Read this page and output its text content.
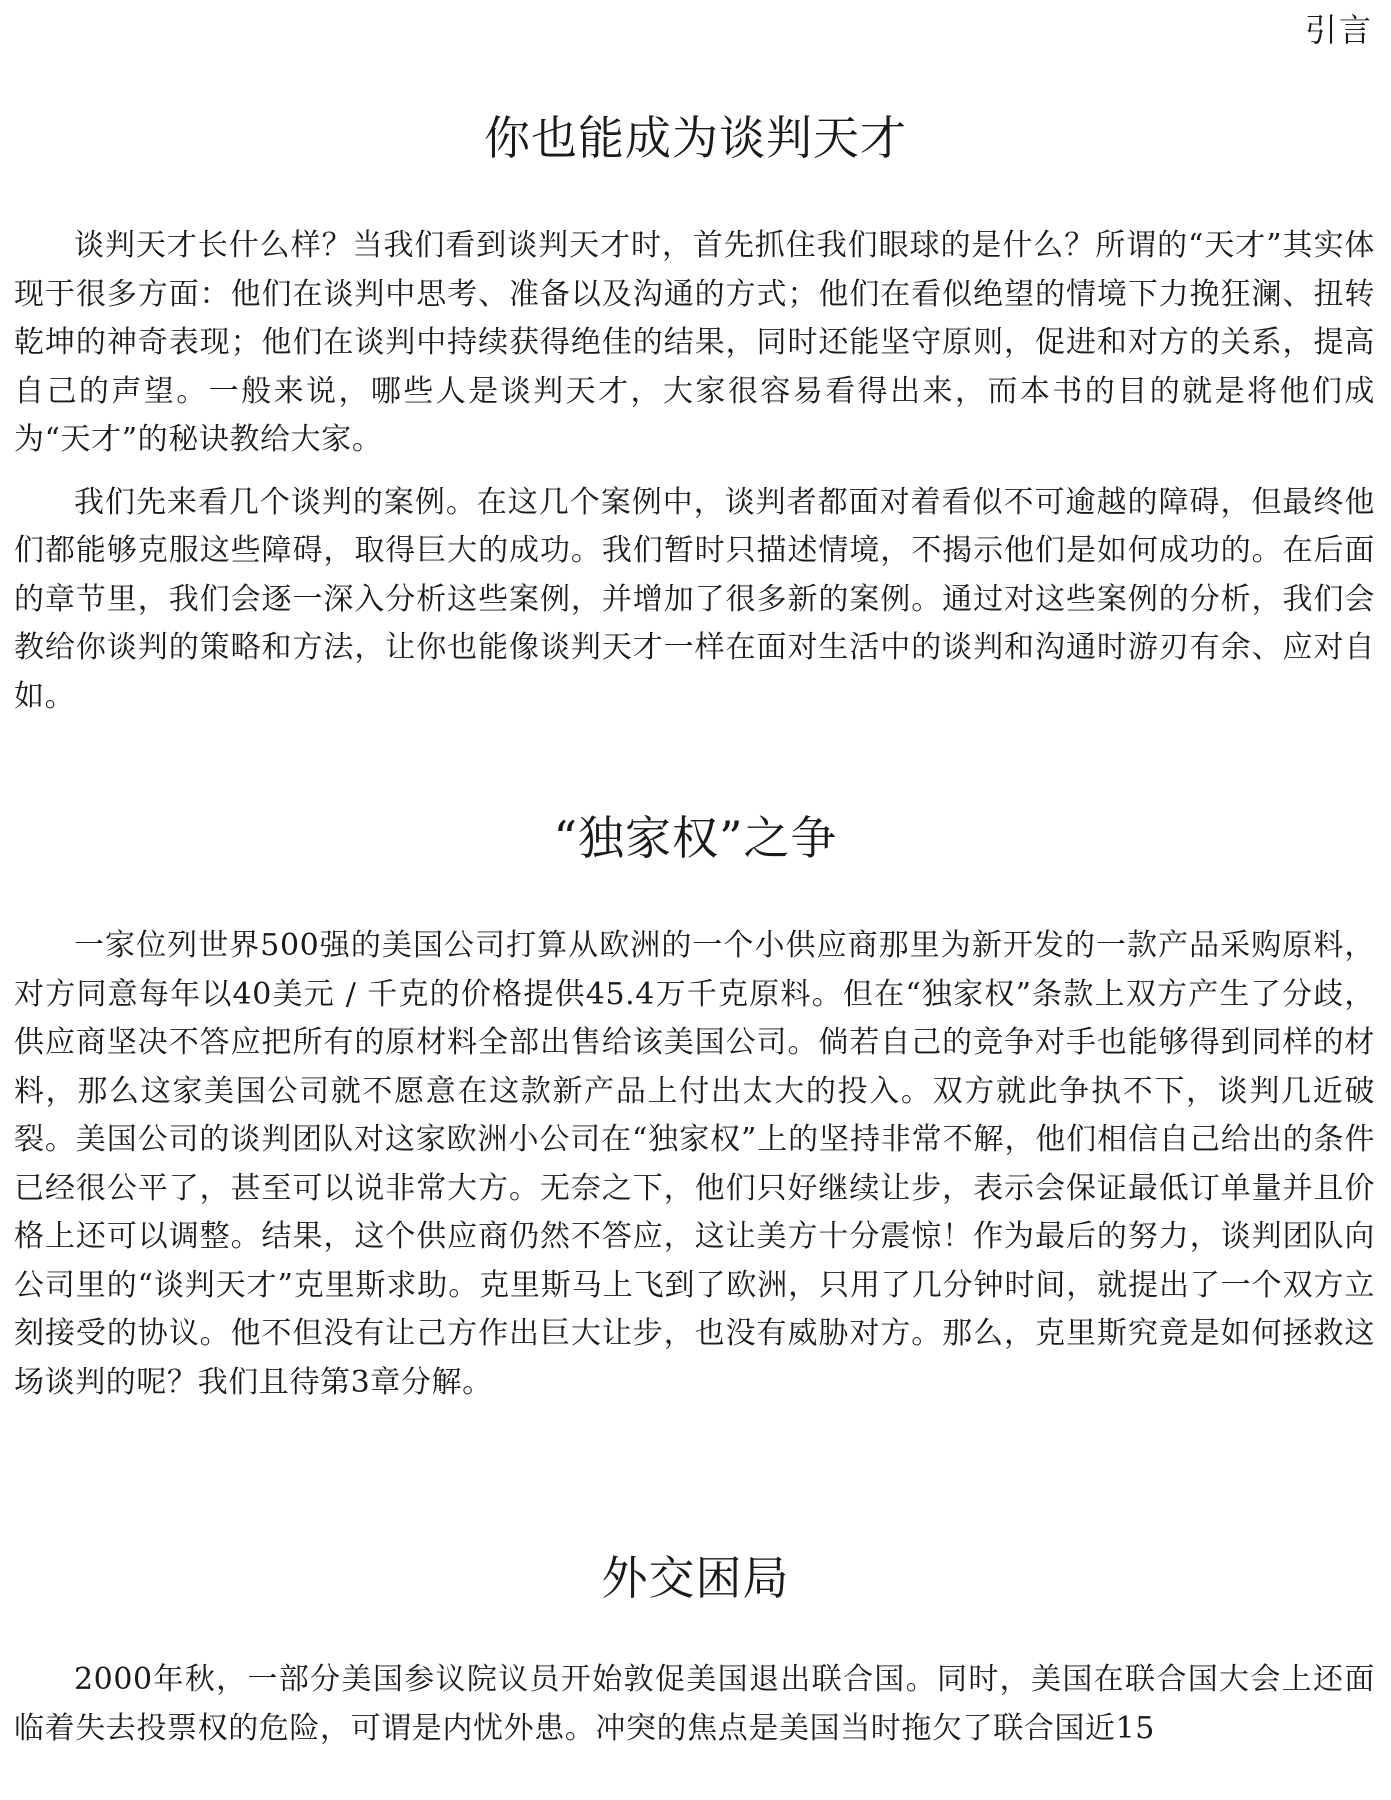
引言
你也能成为谈判天才

谈判天才长什么样？当我们看到谈判天才时，首先抓住我们眼球的是什么？所谓的“天才”其实体现于很多方面：他们在谈判中思考、准备以及沟通的方式；他们在看似绝望的情境下力挽狂澜、扭转乾坤的神奇表现；他们在谈判中持续获得绝佳的结果，同时还能坚守原则，促进和对方的关系，提高自己的声望。一般来说，哪些人是谈判天才，大家很容易看得出来，而本书的目的就是将他们成为“天才”的秘诀教给大家。

我们先来看几个谈判的案例。在这几个案例中，谈判者都面对着看似不可逾越的障碍，但最终他们都能够克服这些障碍，取得巨大的成功。我们暂时只描述情境，不揭示他们是如何成功的。在后面的章节里，我们会逐一深入分析这些案例，并增加了很多新的案例。通过对这些案例的分析，我们会教给你谈判的策略和方法，让你也能像谈判天才一样在面对生活中的谈判和沟通时游刃有余、应对自如。

“独家权”之争

一家位列世界500强的美国公司打算从欧洲的一个小供应商那里为新开发的一款产品采购原料，对方同意每年以40美元 / 千克的价格提供45.4万千克原料。但在“独家权”条款上双方产生了分歧，供应商坚决不答应把所有的原材料全部出售给该美国公司。倘若自己的竞争对手也能够得到同样的材料，那么这家美国公司就不愿意在这款新产品上付出太大的投入。双方就此争执不下，谈判几近破裂。美国公司的谈判团队对这家欧洲小公司在“独家权”上的坚持非常不解，他们相信自己给出的条件已经很公平了，甚至可以说非常大方。无奈之下，他们只好继续让步，表示会保证最低订单量并且价格上还可以调整。结果，这个供应商仍然不答应，这让美方十分震惊！作为最后的努力，谈判团队向公司里的“谈判天才”克里斯求助。克里斯马上飞到了欧洲，只用了几分钟时间，就提出了一个双方立刻接受的协议。他不但没有让己方作出巨大让步，也没有威胁对方。那么，克里斯究竟是如何拯救这场谈判的呢？我们且待第3章分解。

外交困局

2000年秋，一部分美国参议院议员开始敦促美国退出联合国。同时，美国在联合国大会上还面临着失去投票权的危险，可谓是内忧外患。冲突的焦点是美国当时拖欠了联合国近15
